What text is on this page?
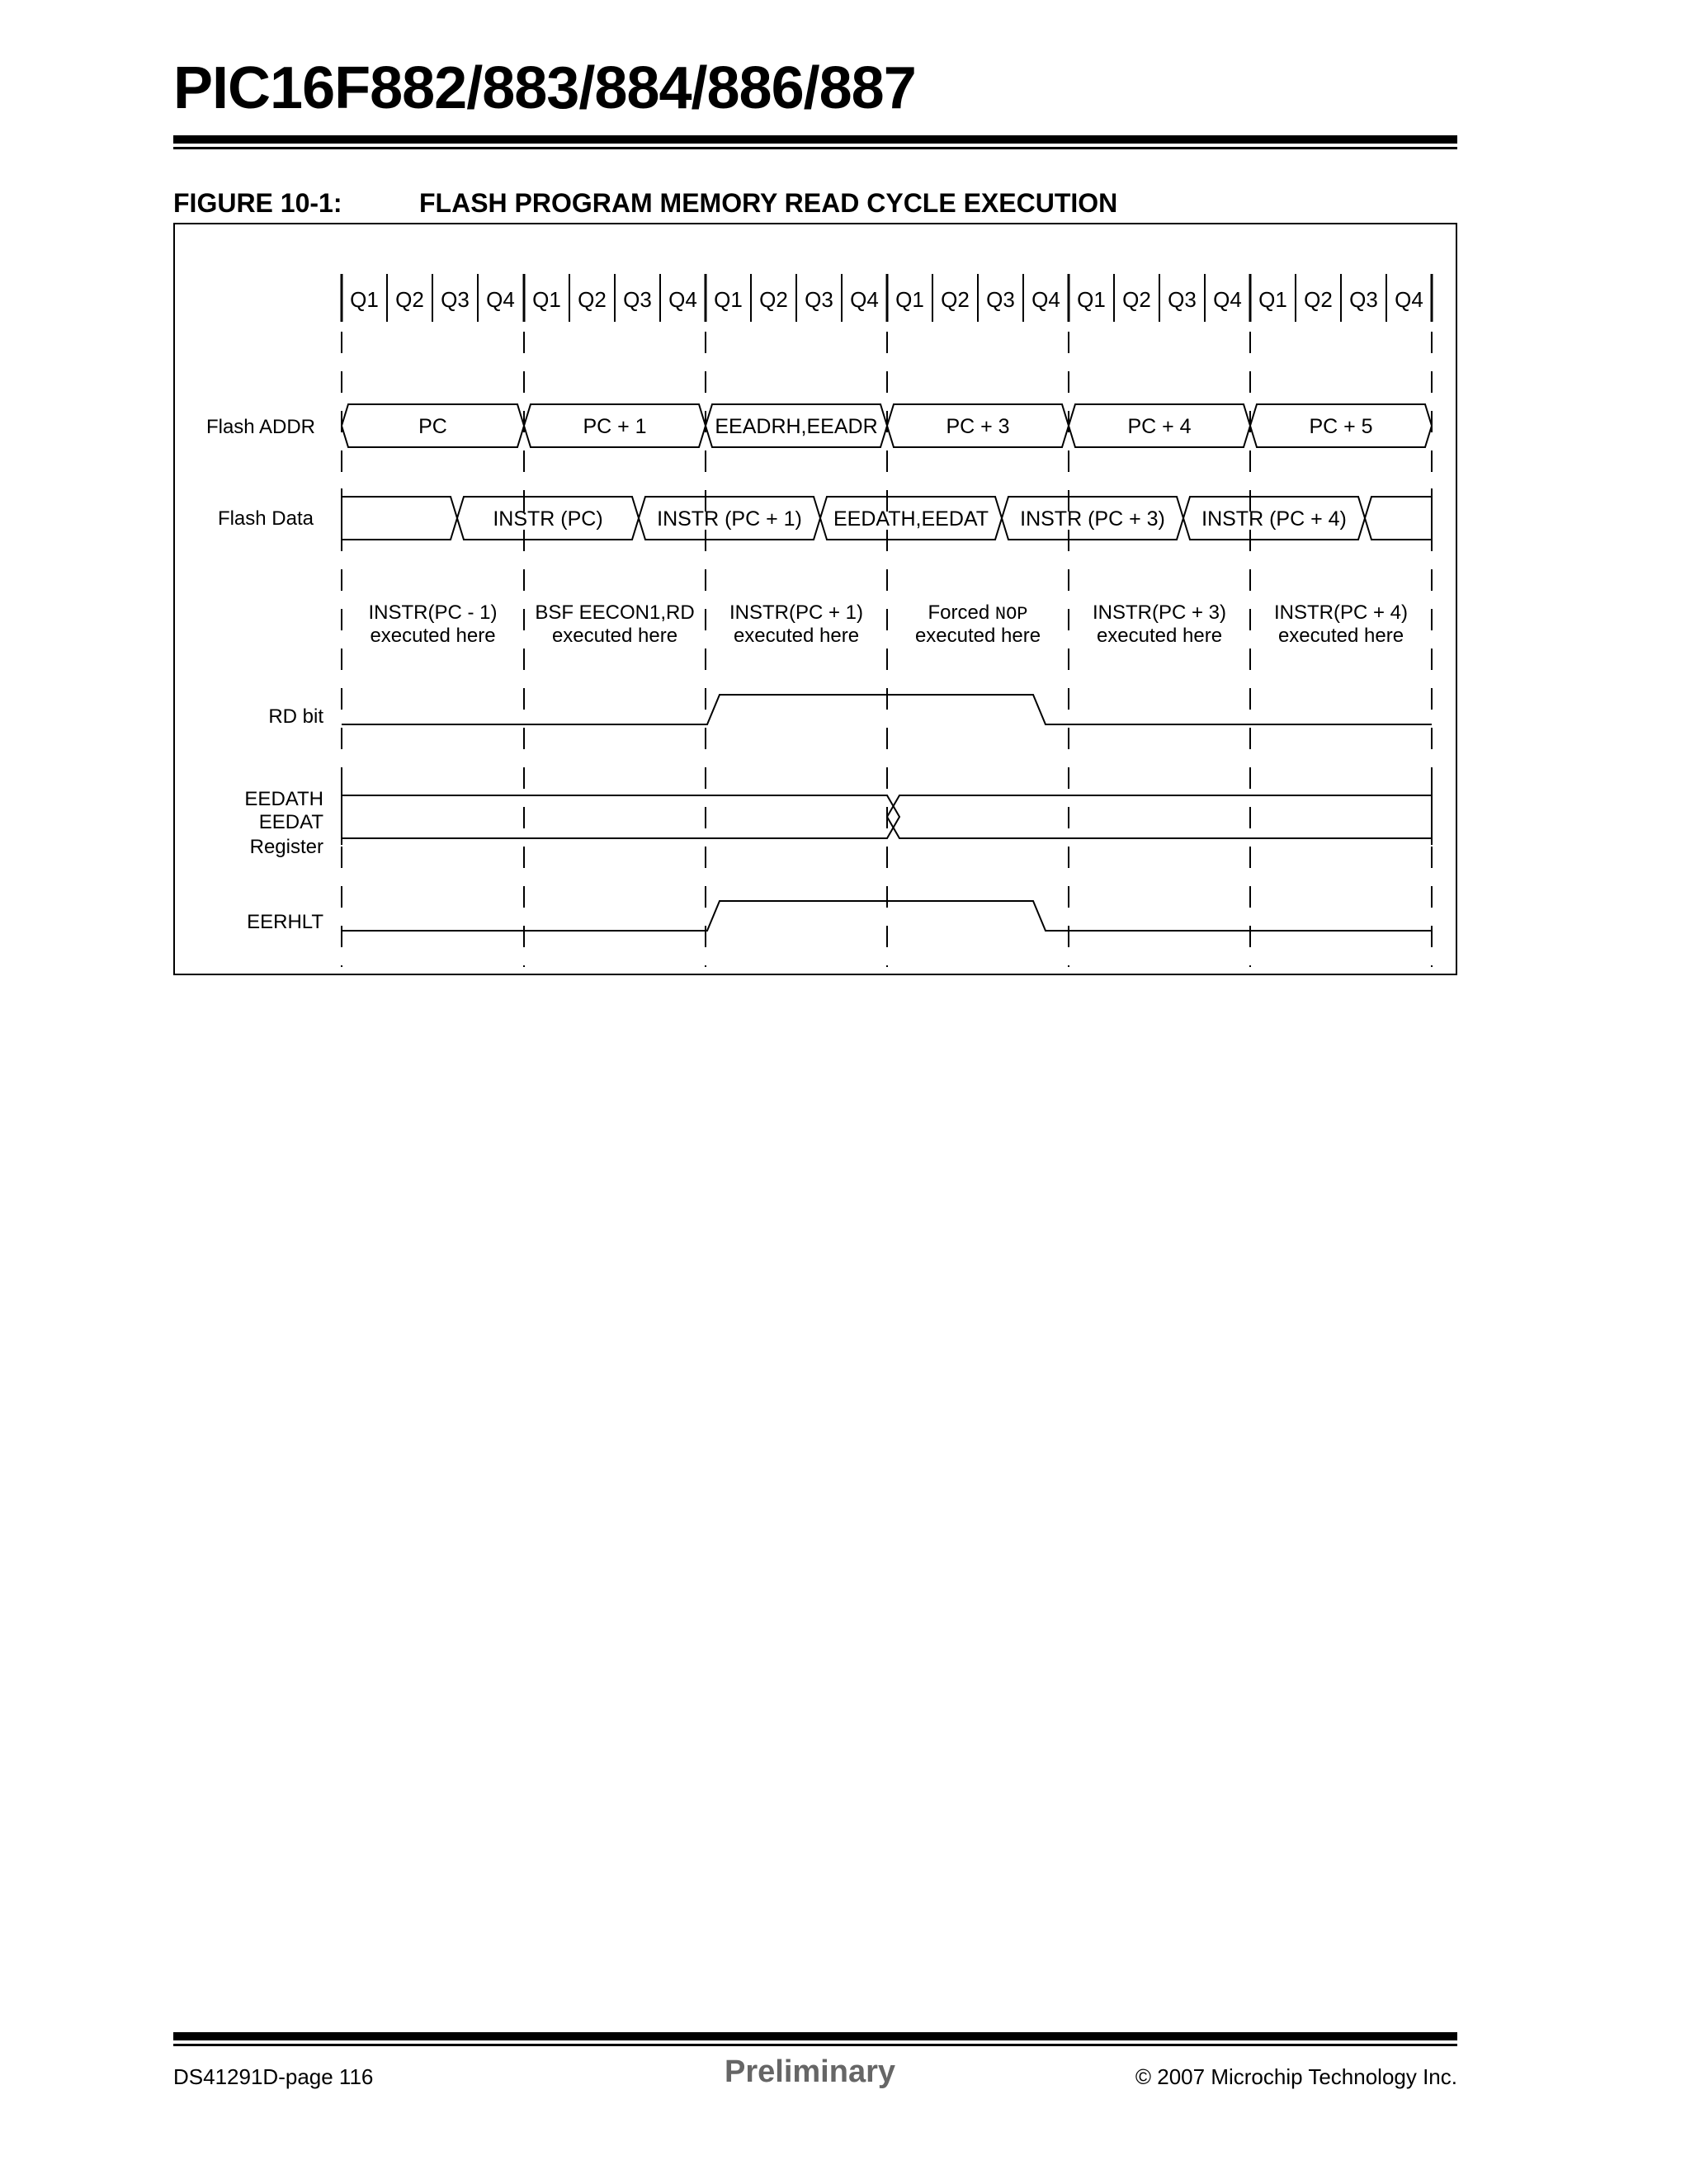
PIC16F882/883/884/886/887
FIGURE 10-1:	FLASH PROGRAM MEMORY READ CYCLE EXECUTION
Q1 Q2 Q3 Q4 Q1 Q2 Q3 Q4 Q1 Q2 Q3 Q4 Q1 Q2 Q3 Q4 Q1 Q2 Q3 Q4 Q1 Q2 Q3 Q4
Flash ADDR
Flash Data
RD bit
EEDATH
EEDAT
Register
EERHLT
PC	PC + 1	EEADRH,EEADR	PC + 3	PC + 4	PC + 5
INSTR (PC)	INSTR (PC + 1) EEDATH,EEDAT INSTR (PC + 3) INSTR (PC + 4)
INSTR(PC - 1)
executed here
BSF EECON1,RD
executed here
INSTR(PC + 1)
executed here
Forced NOP
executed here
INSTR(PC + 3)
executed here
INSTR(PC + 4)
executed here
DS41291D-page 116	Preliminary	© 2007 Microchip Technology Inc.
